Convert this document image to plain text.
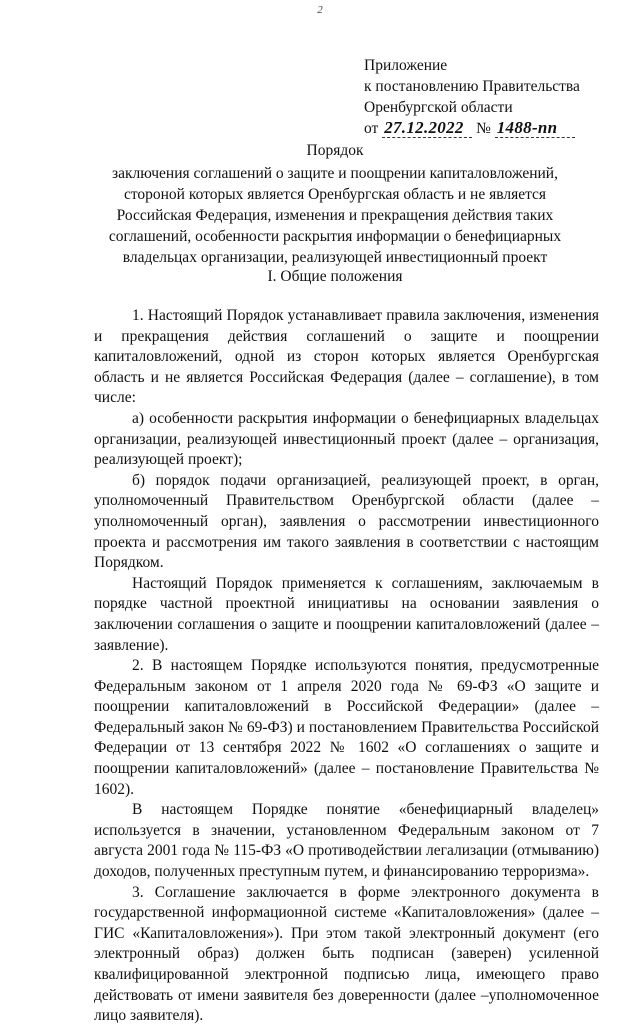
2
Приложение
к постановлению Правительства
Оренбургской области
от 27.12.2022 № 1488-пп
Порядок
заключения соглашений о защите и поощрении капиталовложений,
стороной которых является Оренбургская область и не является
Российская Федерация, изменения и прекращения действия таких
соглашений, особенности раскрытия информации о бенефициарных
владельцах организации, реализующей инвестиционный проект
I. Общие положения

1. Настоящий Порядок устанавливает правила заключения, изменения и прекращения действия соглашений о защите и поощрении капиталовложений, одной из сторон которых является Оренбургская область и не является Российская Федерация (далее – соглашение), в том числе:

а) особенности раскрытия информации о бенефициарных владельцах организации, реализующей инвестиционный проект (далее – организация, реализующей проект);

б) порядок подачи организацией, реализующей проект, в орган, уполномоченный Правительством Оренбургской области (далее – уполномоченный орган), заявления о рассмотрении инвестиционного проекта и рассмотрения им такого заявления в соответствии с настоящим Порядком.

Настоящий Порядок применяется к соглашениям, заключаемым в порядке частной проектной инициативы на основании заявления о заключении соглашения о защите и поощрении капиталовложений (далее – заявление).

2. В настоящем Порядке используются понятия, предусмотренные Федеральным законом от 1 апреля 2020 года № 69-ФЗ «О защите и поощрении капиталовложений в Российской Федерации» (далее – Федеральный закон № 69-ФЗ) и постановлением Правительства Российской Федерации от 13 сентября 2022 № 1602 «О соглашениях о защите и поощрении капиталовложений» (далее – постановление Правительства № 1602).

В настоящем Порядке понятие «бенефициарный владелец» используется в значении, установленном Федеральным законом от 7 августа 2001 года № 115-ФЗ «О противодействии легализации (отмыванию) доходов, полученных преступным путем, и финансированию терроризма».

3. Соглашение заключается в форме электронного документа в государственной информационной системе «Капиталовложения» (далее – ГИС «Капиталовложения»). При этом такой электронный документ (его электронный образ) должен быть подписан (заверен) усиленной квалифицированной электронной подписью лица, имеющего право действовать от имени заявителя без доверенности (далее –уполномоченное лицо заявителя).
